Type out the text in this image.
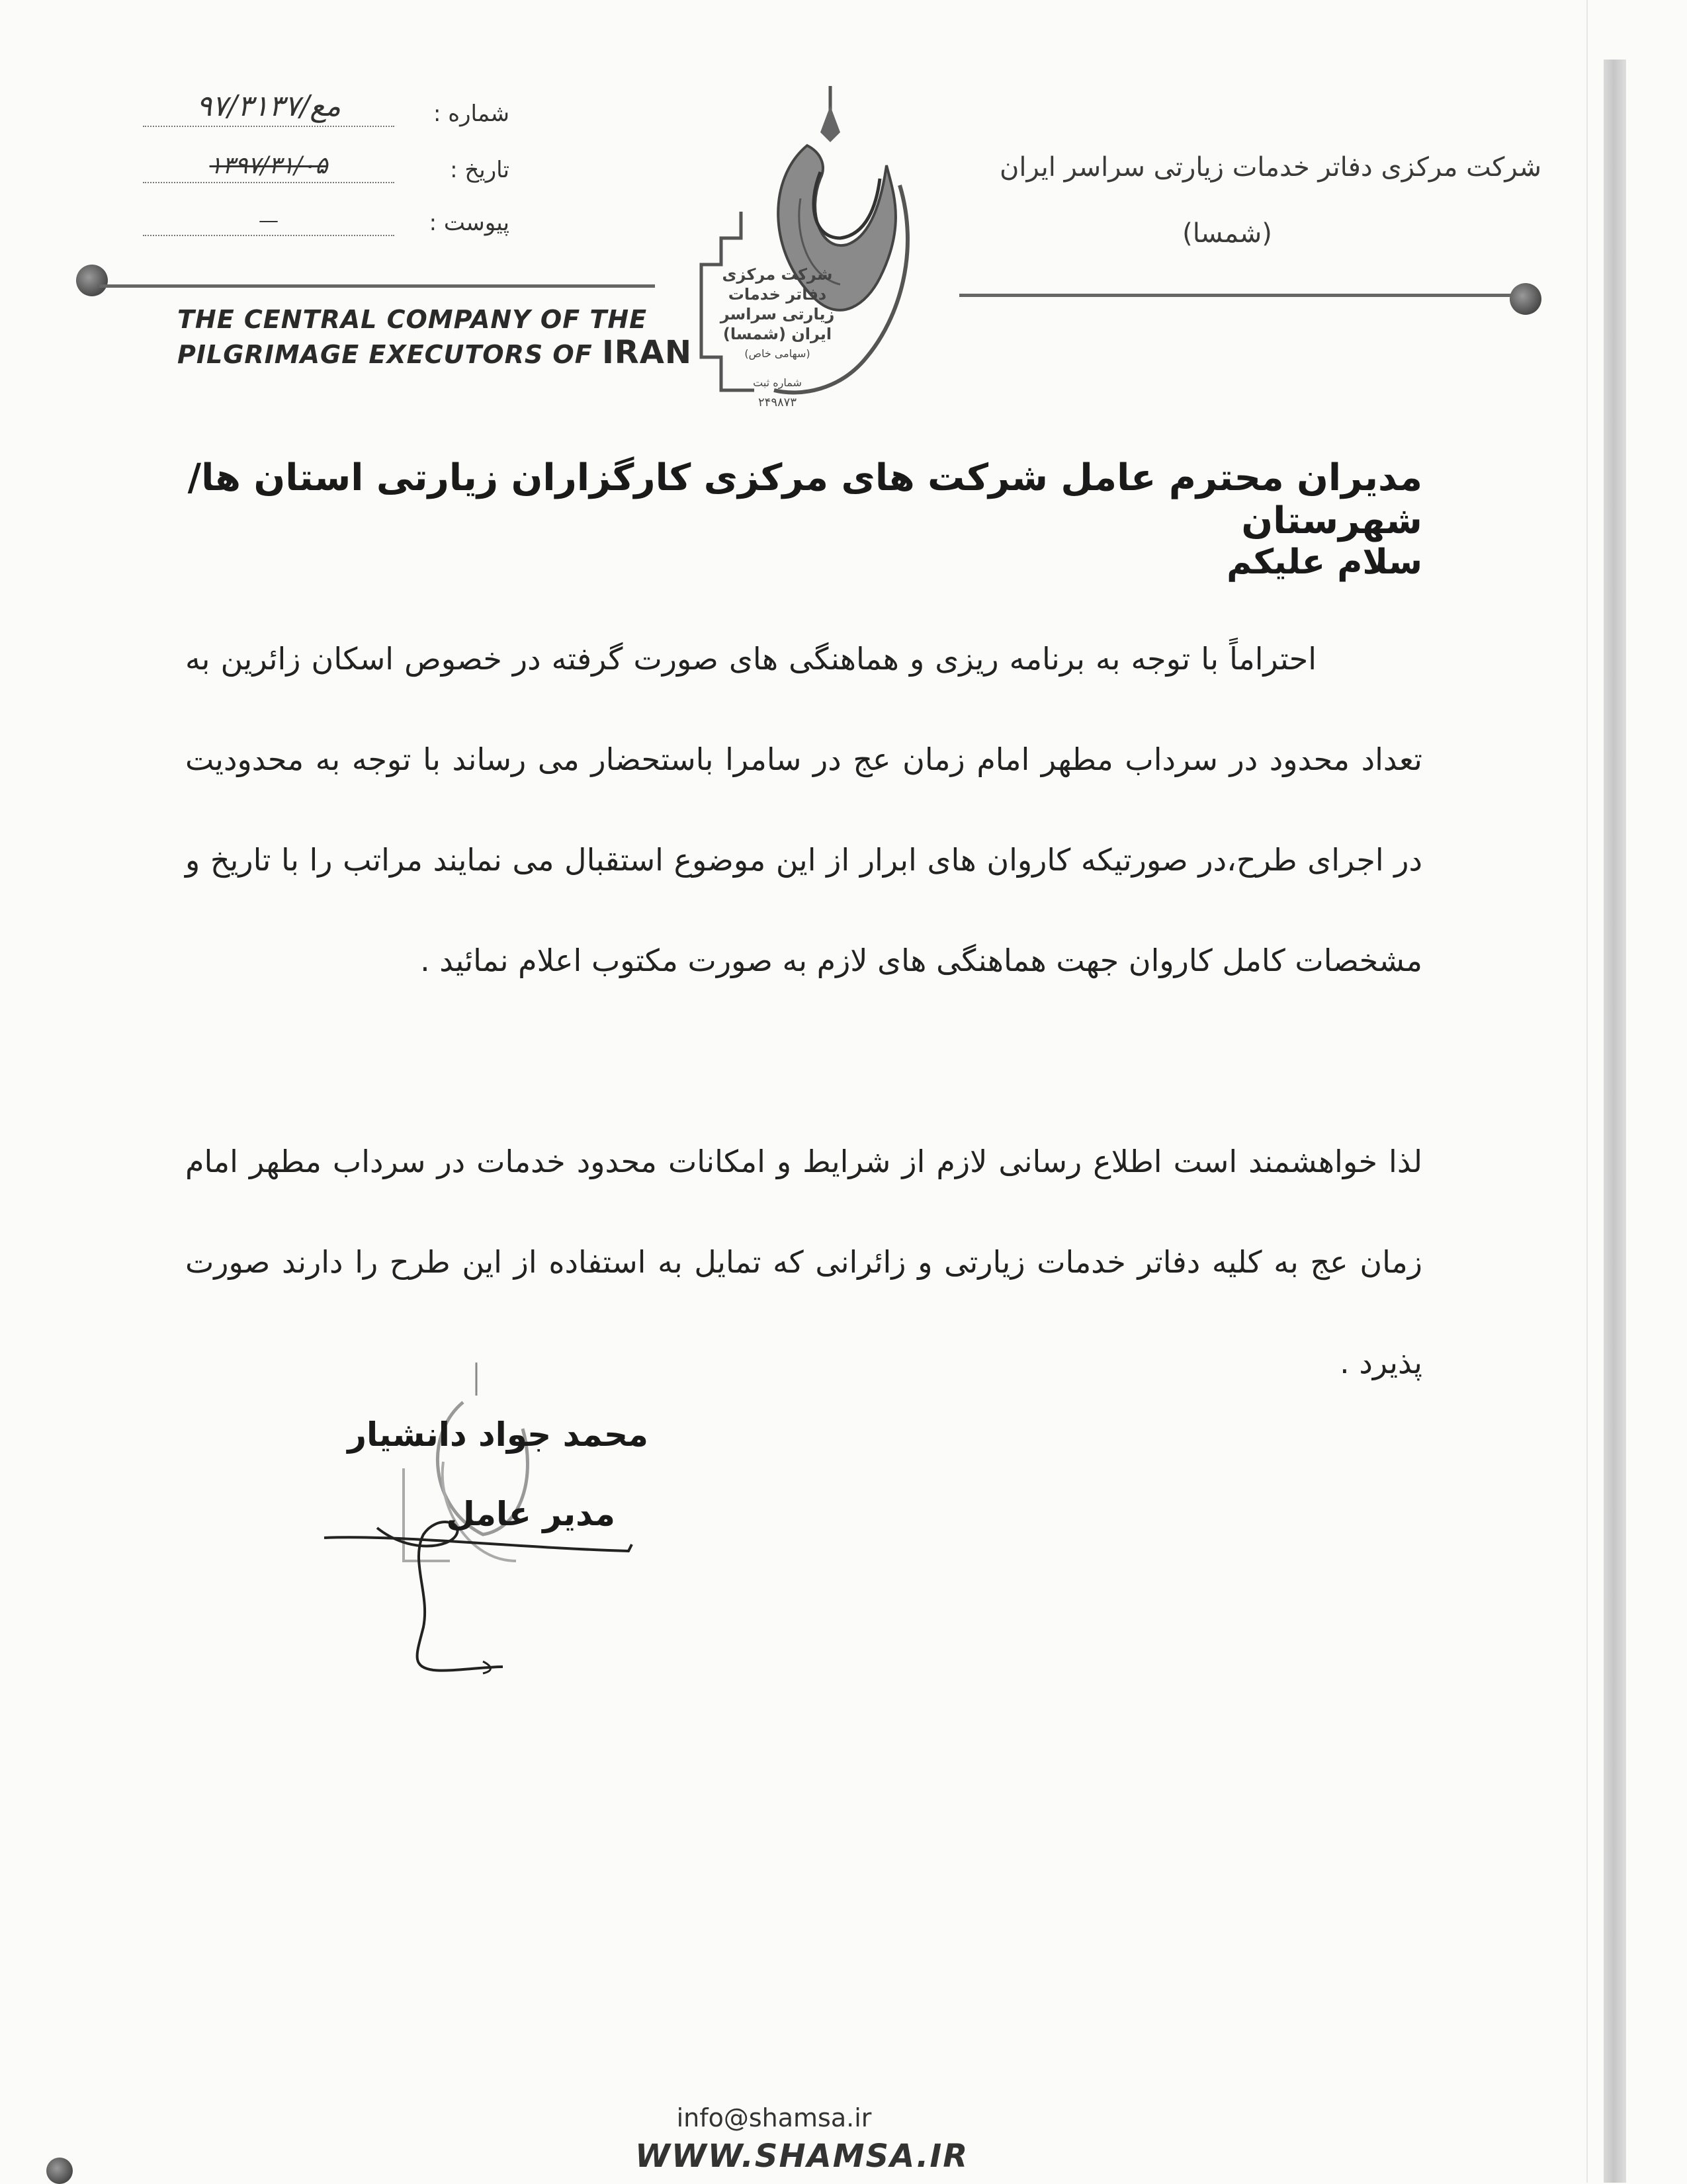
شرکت مرکزی دفاتر خدمات زیارتی سراسر ایران
(شمسا)
شماره :
۹۷/۳۱۳۷/مع
تاریخ :
۱۳۹۷/۳۱/۰۵
پیوست :
—
THE CENTRAL COMPANY OF THE
PILGRIMAGE EXECUTORS OF IRAN
شرکت مرکزی
دفاتر خدمات
زیارتی سراسر
ایران (شمسا)
(سهامی خاص)
شماره ثبت
۲۴۹۸۷۳
مدیران محترم عامل شرکت های مرکزی کارگزاران زیارتی استان ها/شهرستان
سلام علیکم

احتراماً با توجه به برنامه ریزی و هماهنگی های صورت گرفته در خصوص اسکان زائرین به تعداد محدود در سرداب مطهر امام زمان عج در سامرا باستحضار می رساند با توجه به محدودیت در اجرای طرح،در صورتیکه کاروان های ابرار از این موضوع استقبال می نمایند مراتب را با تاریخ و مشخصات کامل کاروان جهت هماهنگی های لازم به صورت مکتوب اعلام نمائید .

لذا خواهشمند است اطلاع رسانی لازم از شرایط و امکانات محدود خدمات در سرداب مطهر امام زمان عج به کلیه دفاتر خدمات زیارتی و زائرانی که تمایل به استفاده از این طرح را دارند صورت پذیرد .

محمد جواد دانشیار
مدیر عامل
info@shamsa.ir
WWW.SHAMSA.IR
